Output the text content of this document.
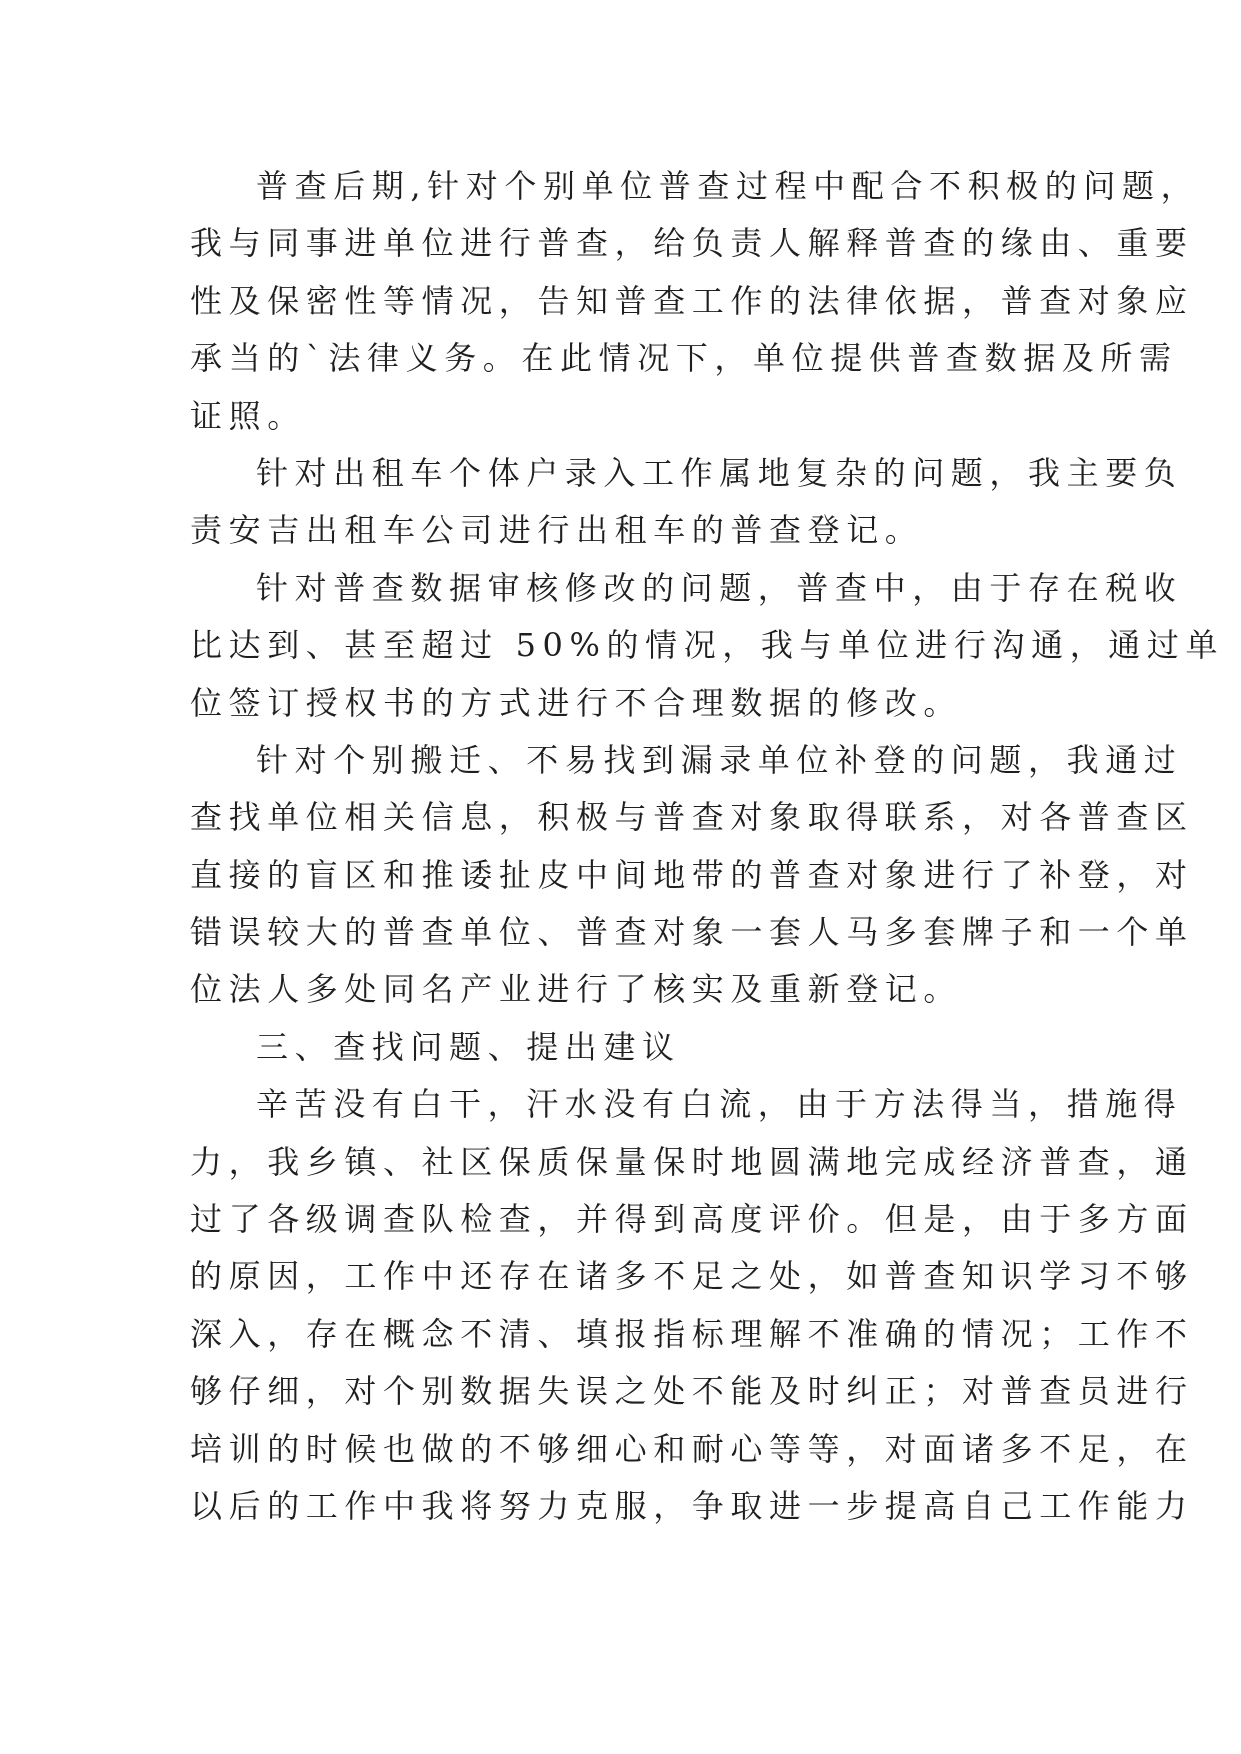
普查后期,针对个别单位普查过程中配合不积极的问题，
我与同事进单位进行普查，给负责人解释普查的缘由、重要
性及保密性等情况，告知普查工作的法律依据，普查对象应
承当的`法律义务。在此情况下，单位提供普查数据及所需
证照。
针对出租车个体户录入工作属地复杂的问题，我主要负
责安吉出租车公司进行出租车的普查登记。
针对普查数据审核修改的问题，普查中，由于存在税收
比达到、甚至超过 50%的情况，我与单位进行沟通，通过单
位签订授权书的方式进行不合理数据的修改。
针对个别搬迁、不易找到漏录单位补登的问题，我通过
查找单位相关信息，积极与普查对象取得联系，对各普查区
直接的盲区和推诿扯皮中间地带的普查对象进行了补登，对
错误较大的普查单位、普查对象一套人马多套牌子和一个单
位法人多处同名产业进行了核实及重新登记。
三、查找问题、提出建议
辛苦没有白干，汗水没有白流，由于方法得当，措施得
力，我乡镇、社区保质保量保时地圆满地完成经济普查，通
过了各级调查队检查，并得到高度评价。但是，由于多方面
的原因，工作中还存在诸多不足之处，如普查知识学习不够
深入，存在概念不清、填报指标理解不准确的情况；工作不
够仔细，对个别数据失误之处不能及时纠正；对普查员进行
培训的时候也做的不够细心和耐心等等，对面诸多不足，在
以后的工作中我将努力克服，争取进一步提高自己工作能力
